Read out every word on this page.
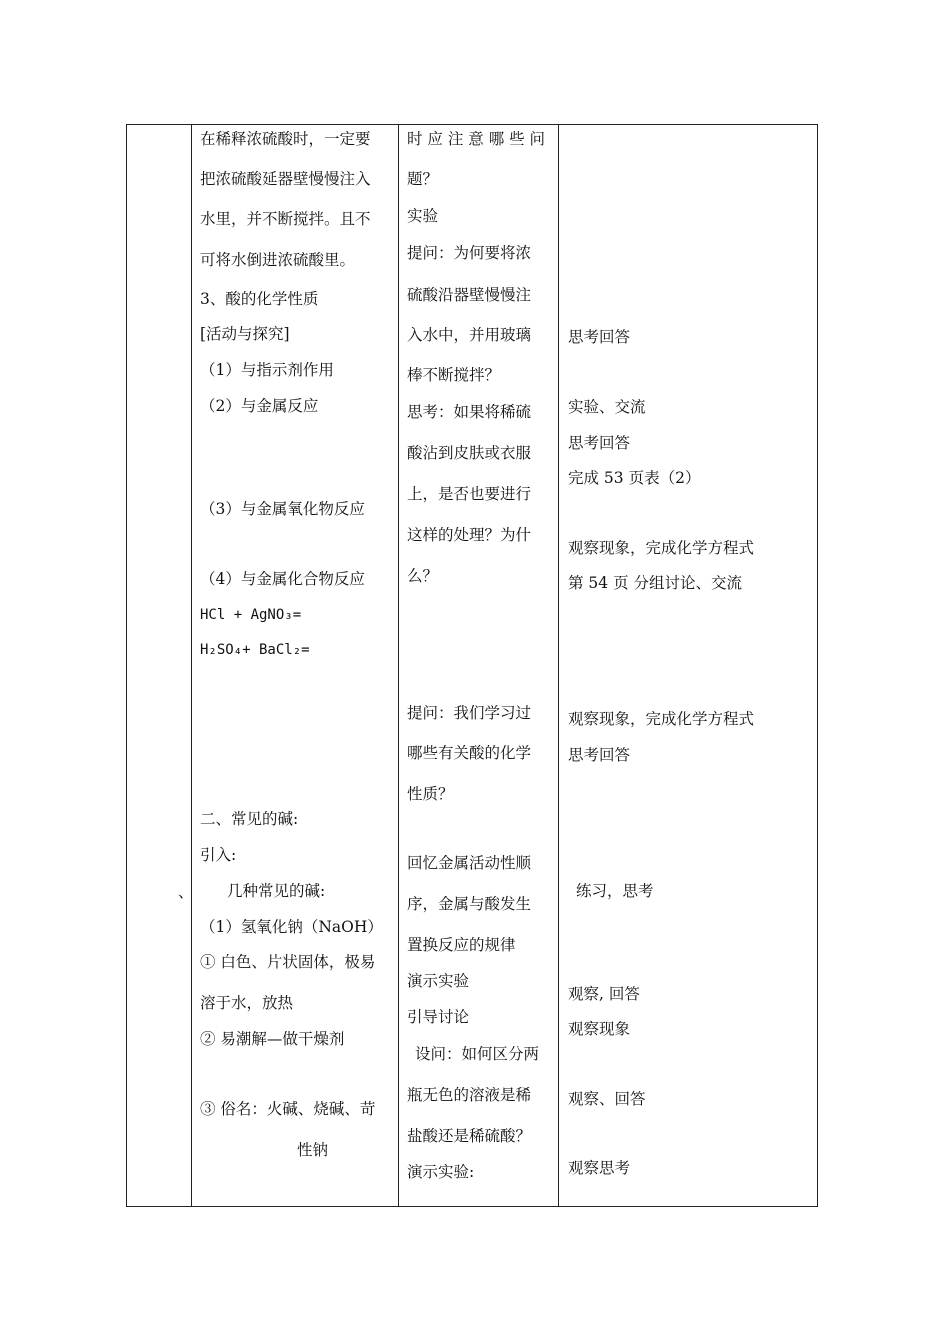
、
在稀释浓硫酸时，一定要
把浓硫酸延器壁慢慢注入
水里，并不断搅拌。且不
可将水倒进浓硫酸里。
3、酸的化学性质
[活动与探究]
（1）与指示剂作用
（2）与金属反应
（3）与金属氧化物反应
（4）与金属化合物反应
HCl + AgNO₃=
H₂SO₄+ BaCl₂=
二、常见的碱:
引入:
几种常见的碱:
（1）氢氧化钠（NaOH）
① 白色、片状固体，极易
溶于水，放热
② 易潮解—做干燥剂
③ 俗名：火碱、烧碱、苛
性钠
时 应 注 意 哪 些 问
题？
实验
提问：为何要将浓
硫酸沿器壁慢慢注
入水中，并用玻璃
棒不断搅拌？
思考：如果将稀硫
酸沾到皮肤或衣服
上，是否也要进行
这样的处理？为什
么？
提问：我们学习过
哪些有关酸的化学
性质？
回忆金属活动性顺
序，金属与酸发生
置换反应的规律
演示实验
引导讨论
设问：如何区分两
瓶无色的溶液是稀
盐酸还是稀硫酸？
演示实验:
思考回答
实验、交流
思考回答
完成 53 页表（2）
观察现象，完成化学方程式
第 54 页 分组讨论、交流
观察现象，完成化学方程式
思考回答
练习，思考
观察, 回答
观察现象
观察、回答
观察思考
